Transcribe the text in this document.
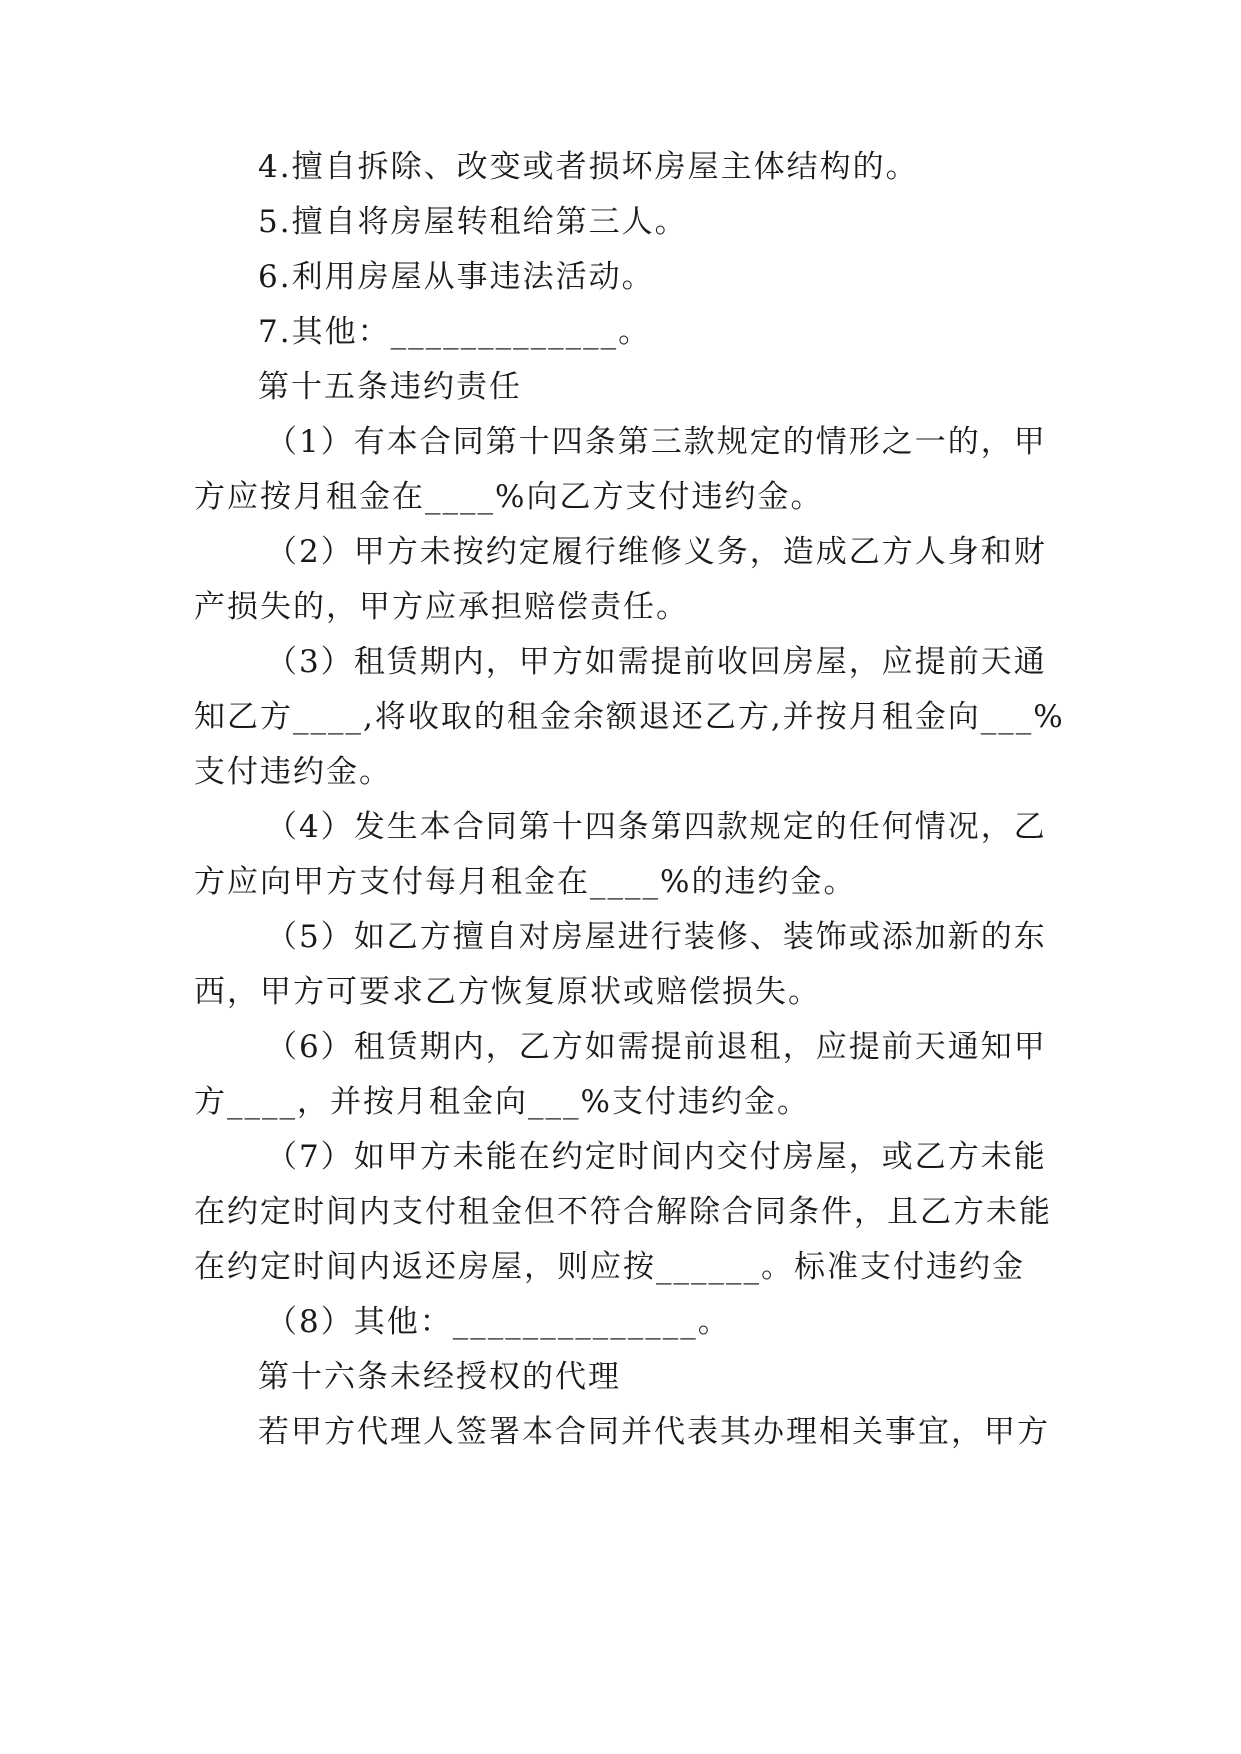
4.擅自拆除、改变或者损坏房屋主体结构的。

5.擅自将房屋转租给第三人。

6.利用房屋从事违法活动。

7.其他：_____________。

第十五条违约责任

（1）有本合同第十四条第三款规定的情形之一的，甲

方应按月租金在____%向乙方支付违约金。

（2）甲方未按约定履行维修义务，造成乙方人身和财

产损失的，甲方应承担赔偿责任。

（3）租赁期内，甲方如需提前收回房屋，应提前天通

知乙方____,将收取的租金余额退还乙方,并按月租金向___%

支付违约金。

（4）发生本合同第十四条第四款规定的任何情况，乙

方应向甲方支付每月租金在____%的违约金。

（5）如乙方擅自对房屋进行装修、装饰或添加新的东

西，甲方可要求乙方恢复原状或赔偿损失。

（6）租赁期内，乙方如需提前退租，应提前天通知甲

方____，并按月租金向___%支付违约金。

（7）如甲方未能在约定时间内交付房屋，或乙方未能

在约定时间内支付租金但不符合解除合同条件，且乙方未能

在约定时间内返还房屋，则应按______。标准支付违约金

（8）其他：______________。

第十六条未经授权的代理

若甲方代理人签署本合同并代表其办理相关事宜，甲方
